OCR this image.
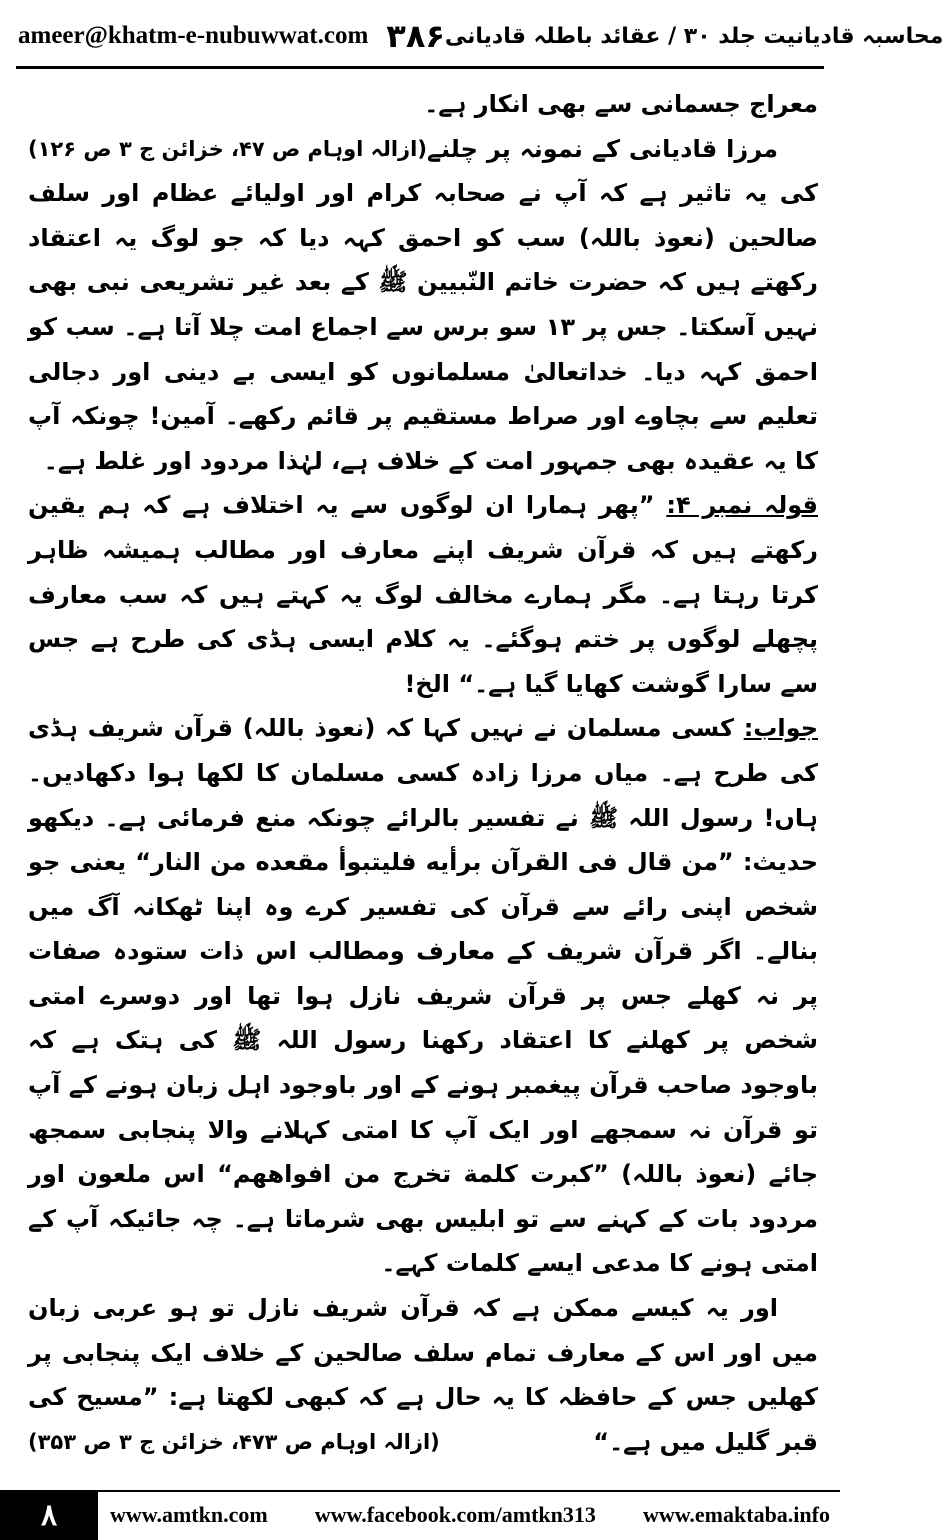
ameer@khatm-e-nubuwwat.com ۳۸۶ محاسبہ قادیانیت جلد ۳۰ / عقائد باطلہ قادیانی

معراج جسمانی سے بھی انکار ہے۔
(ازالہ اوہام ص ۴۷، خزائن ج ۳ ص ۱۲۶) مرزا قادیانی کے نمونہ پر چلنے کی یہ تاثیر ہے کہ آپ نے صحابہ کرام اور اولیائے عظام اور سلف صالحین (نعوذ باللہ) سب کو احمق کہہ دیا کہ جو لوگ یہ اعتقاد رکھتے ہیں کہ حضرت خاتم النّبیین ﷺ کے بعد غیر تشریعی نبی بھی نہیں آسکتا۔ جس پر ۱۳ سو برس سے اجماع امت چلا آتا ہے۔ سب کو احمق کہہ دیا۔ خداتعالیٰ مسلمانوں کو ایسی بے دینی اور دجالی تعلیم سے بچاوے اور صراط مستقیم پر قائم رکھے۔ آمین! چونکہ آپ کا یہ عقیدہ بھی جمہور امت کے خلاف ہے، لہٰذا مردود اور غلط ہے۔

قولہ نمبر ۴: ”پھر ہمارا ان لوگوں سے یہ اختلاف ہے کہ ہم یقین رکھتے ہیں کہ قرآن شریف اپنے معارف اور مطالب ہمیشہ ظاہر کرتا رہتا ہے۔ مگر ہمارے مخالف لوگ یہ کہتے ہیں کہ سب معارف پچھلے لوگوں پر ختم ہوگئے۔ یہ کلام ایسی ہڈی کی طرح ہے جس سے سارا گوشت کھایا گیا ہے۔“ الخ!

جواب: کسی مسلمان نے نہیں کہا کہ (نعوذ باللہ) قرآن شریف ہڈی کی طرح ہے۔ میاں مرزا زادہ کسی مسلمان کا لکھا ہوا دکھادیں۔ ہاں! رسول اللہ ﷺ نے تفسیر بالرائے چونکہ منع فرمائی ہے۔ دیکھو حدیث: ”من قال فی القرآن برأیه فلیتبوأ مقعده من النار“ یعنی جو شخص اپنی رائے سے قرآن کی تفسیر کرے وہ اپنا ٹھکانہ آگ میں بنالے۔ اگر قرآن شریف کے معارف ومطالب اس ذات ستودہ صفات پر نہ کھلے جس پر قرآن شریف نازل ہوا تھا اور دوسرے امتی شخص پر کھلنے کا اعتقاد رکھنا رسول اللہ ﷺ کی ہتک ہے کہ باوجود صاحب قرآن پیغمبر ہونے کے اور باوجود اہل زبان ہونے کے آپ تو قرآن نہ سمجھے اور ایک آپ کا امتی کہلانے والا پنجابی سمجھ جائے (نعوذ باللہ) ”كبرت كلمة تخرج من افواههم“ اس ملعون اور مردود بات کے کہنے سے تو ابلیس بھی شرماتا ہے۔ چہ جائیکہ آپ کے امتی ہونے کا مدعی ایسے کلمات کہے۔

اور یہ کیسے ممکن ہے کہ قرآن شریف نازل تو ہو عربی زبان میں اور اس کے معارف تمام سلف صالحین کے خلاف ایک پنجابی پر کھلیں جس کے حافظہ کا یہ حال ہے کہ کبھی لکھتا ہے: ”مسیح کی قبر گلیل میں ہے۔“
(ازالہ اوہام ص ۴۷۳، خزائن ج ۳ ص ۳۵۳)

۸	www.amtkn.com www.facebook.com/amtkn313 www.emaktaba.info
